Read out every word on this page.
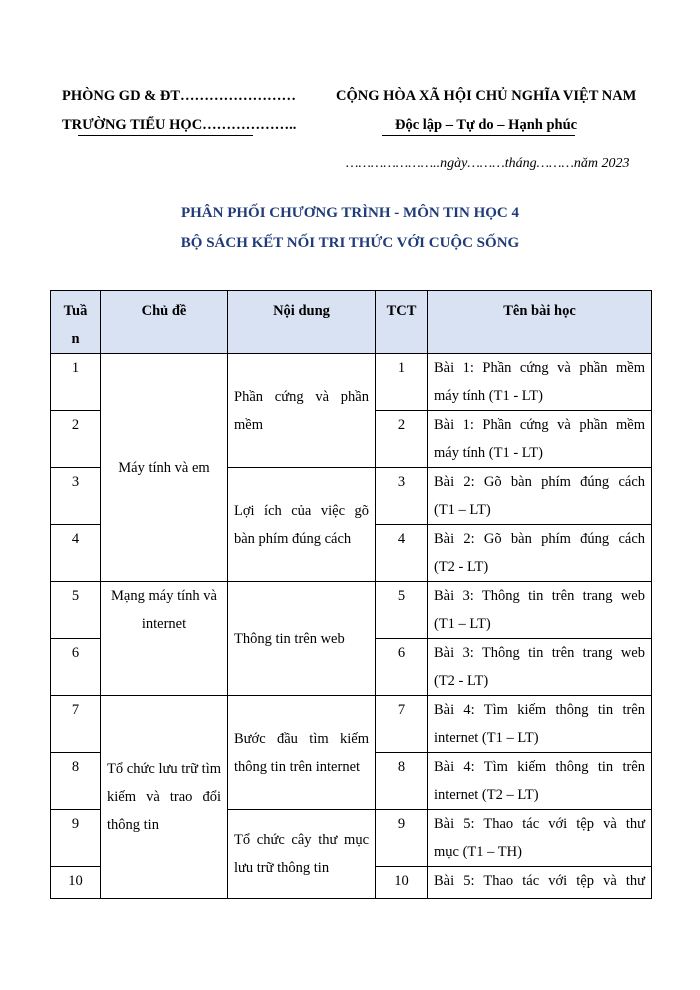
PHÒNG GD & ĐT……………………
TRƯỜNG TIỂU HỌC………………..
CỘNG HÒA XÃ HỘI CHỦ NGHĨA VIỆT NAM
Độc lập – Tự do – Hạnh phúc
…………………..ngày………tháng………năm 2023
PHÂN PHỐI CHƯƠNG TRÌNH - MÔN TIN HỌC 4
BỘ SÁCH KẾT NỐI TRI THỨC VỚI CUỘC SỐNG
Tuầ
n	Chủ đề	Nội dung	TCT	Tên bài học
1	Máy tính và em	Phần cứng và phần mềm	1	Bài 1: Phần cứng và phần mềm
máy tính (T1 - LT)

2			2	Bài 1: Phần cứng và phần mềm
máy tính (T1 - LT)

3		Lợi ích của việc gõ bàn phím đúng cách	3	Bài 2: Gõ bàn phím đúng cách
(T1 – LT)

4			4	Bài 2: Gõ bàn phím đúng cách
(T2 - LT)

5	Mạng máy tính và internet	Thông tin trên web	5	Bài 3: Thông tin trên trang web
(T1 – LT)

6			6	Bài 3: Thông tin trên trang web
(T2 - LT)

7	Tổ chức lưu trữ tìm kiếm và trao đổi thông tin	Bước đầu tìm kiếm thông tin trên internet	7	Bài 4: Tìm kiếm thông tin trên
internet (T1 – LT)

8			8	Bài 4: Tìm kiếm thông tin trên
internet (T2 – LT)

9		Tổ chức cây thư mục lưu trữ thông tin	9	Bài 5: Thao tác với tệp và thư
mục (T1 – TH)

10			10	Bài 5: Thao tác với tệp và thư
